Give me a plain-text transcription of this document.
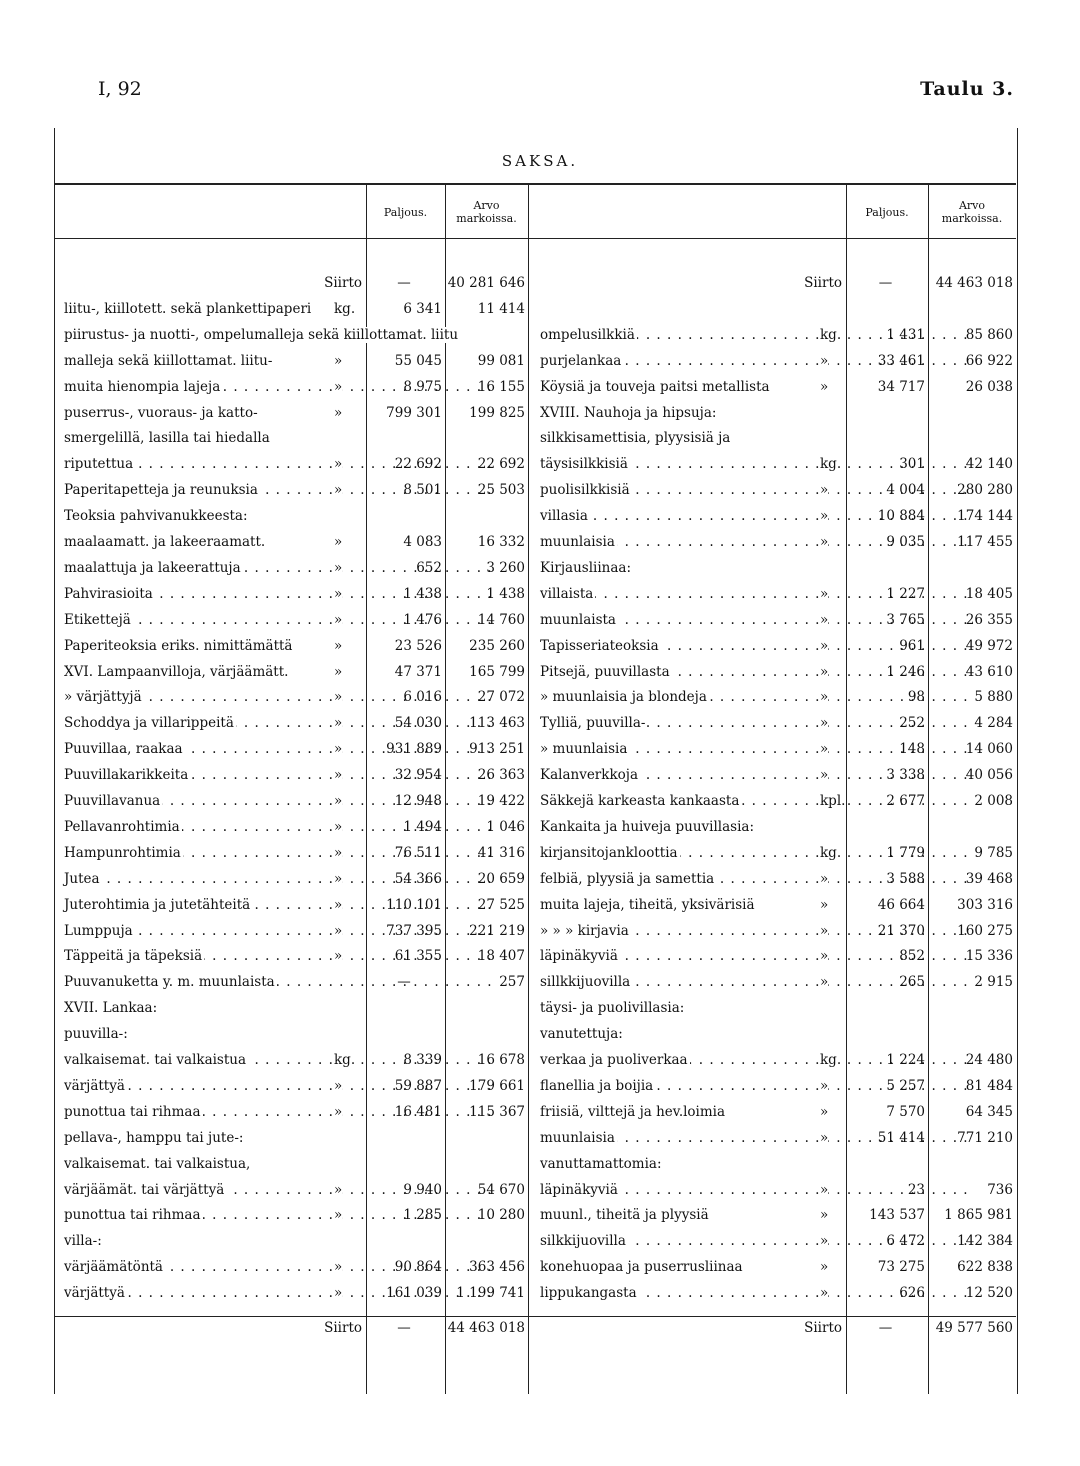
I, 92	Taulu 3.
SAKSA.
Paljous.
Arvo
markoissa.	Paljous.
Arvo
markoissa.
Siirto	—	40 281 646
liitu-, kiillotett. sekä plankettipaperi	kg.	6 341	11 414
piirustus- ja nuotti-, ompelumalleja sekä kiillottamat. liitu
malleja sekä kiillottamat. liitu-	»	55 045	99 081
muita hienompia lajeja . . .	»	8 975	16 155
puserrus-, vuoraus- ja katto-	»	799 301	199 825
smergelillä, lasilla tai hiedalla
riputettua . . .	»	22 692	22 692
Paperitapetteja ja reunuksia . . .	»	8 501	25 503
Teoksia pahvivanukkeesta:
maalaamatt. ja lakeeraamatt.	»	4 083	16 332
maalattuja ja lakeerattuja . . .	»	652	3 260
Pahvirasioita . . .	»	1 438	1 438
Etikettejä . . .	»	1 476	14 760
Paperiteoksia eriks. nimittämättä	»	23 526	235 260
XVI. Lampaanvilloja, värjäämätt.	»	47 371	165 799
» värjättyjä . . .	»	6 016	27 072
Schoddya ja villarippeitä . . .	»	54 030	113 463
Puuvillaa, raakaa . . .	»	931 889	913 251
Puuvillakarikkeita . . .	»	32 954	26 363
Puuvillavanua . . .	»	12 948	19 422
Pellavanrohtimia . . .	»	1 494	1 046
Hampunrohtimia . . .	»	76 511	41 316
Jutea . . .	»	54 366	20 659
Juterohtimia ja jutetähteitä . . .	»	110 101	27 525
Lumppuja . . .	»	737 395	221 219
Täppeitä ja täpeksiä . . .	»	61 355	18 407
Puuvanuketta y. m. muunlaista . . .	—	257
XVII. Lankaa:
puuvilla-:
valkaisemat. tai valkaistua . . .	kg.	8 339	16 678
värjättyä . . .	»	59 887	179 661
punottua tai rihmaa . . .	»	16 481	115 367
pellava-, hamppu tai jute-:
valkaisemat. tai valkaistua,
värjäämät. tai värjättyä . . .	»	9 940	54 670
punottua tai rihmaa . . .	»	1 285	10 280
villa-:
värjäämätöntä . . .	»	90 864	363 456
värjättyä . . .	»	161 039	1 199 741
Siirto	—	44 463 018
Siirto	—	44 463 018
ompelusilkkiä . . .	kg.	1 431	85 860
purjelankaa . . .	»	33 461	66 922
Köysiä ja touveja paitsi metallista	»	34 717	26 038
XVIII. Nauhoja ja hipsuja:
silkkisamettisia, plyysisiä ja
täysisilkkisiä . . .	kg.	301	42 140
puolisilkkisiä . . .	»	4 004	280 280
villasia . . .	»	10 884	174 144
muunlaisia . . .	»	9 035	117 455
Kirjausliinaa:
villaista . . .	»	1 227	18 405
muunlaista . . .	»	3 765	26 355
Tapisseriateoksia . . .	»	961	49 972
Pitsejä, puuvillasta . . .	»	1 246	43 610
» muunlaisia ja blondeja . . .	»	98	5 880
Tylliä, puuvilla- . . .	»	252	4 284
» muunlaisia . . .	»	148	14 060
Kalanverkkoja . . .	»	3 338	40 056
Säkkejä karkeasta kankaasta . . .	kpl.	2 677	2 008
Kankaita ja huiveja puuvillasia:
kirjansitojankloottia . . .	kg.	1 779	9 785
felbiä, plyysiä ja samettia . . .	»	3 588	39 468
muita lajeja, tiheitä, yksivärisiä	»	46 664	303 316
» » » kirjavia . . .	»	21 370	160 275
läpinäkyviä . . .	»	852	15 336
sillkkijuovilla . . .	»	265	2 915
täysi- ja puolivillasia:
vanutettuja:
verkaa ja puoliverkaa . . .	kg.	1 224	24 480
flanellia ja boijia . . .	»	5 257	81 484
friisiä, vilttejä ja hev.loimia	»	7 570	64 345
muunlaisia . . .	»	51 414	771 210
vanuttamattomia:
läpinäkyviä . . .	»	23	736
muunl., tiheitä ja plyysiä	»	143 537	1 865 981
silkkijuovilla . . .	»	6 472	142 384
konehuopaa ja puserrusliinaa	»	73 275	622 838
lippukangasta . . .	»	626	12 520
Siirto	—	49 577 560
